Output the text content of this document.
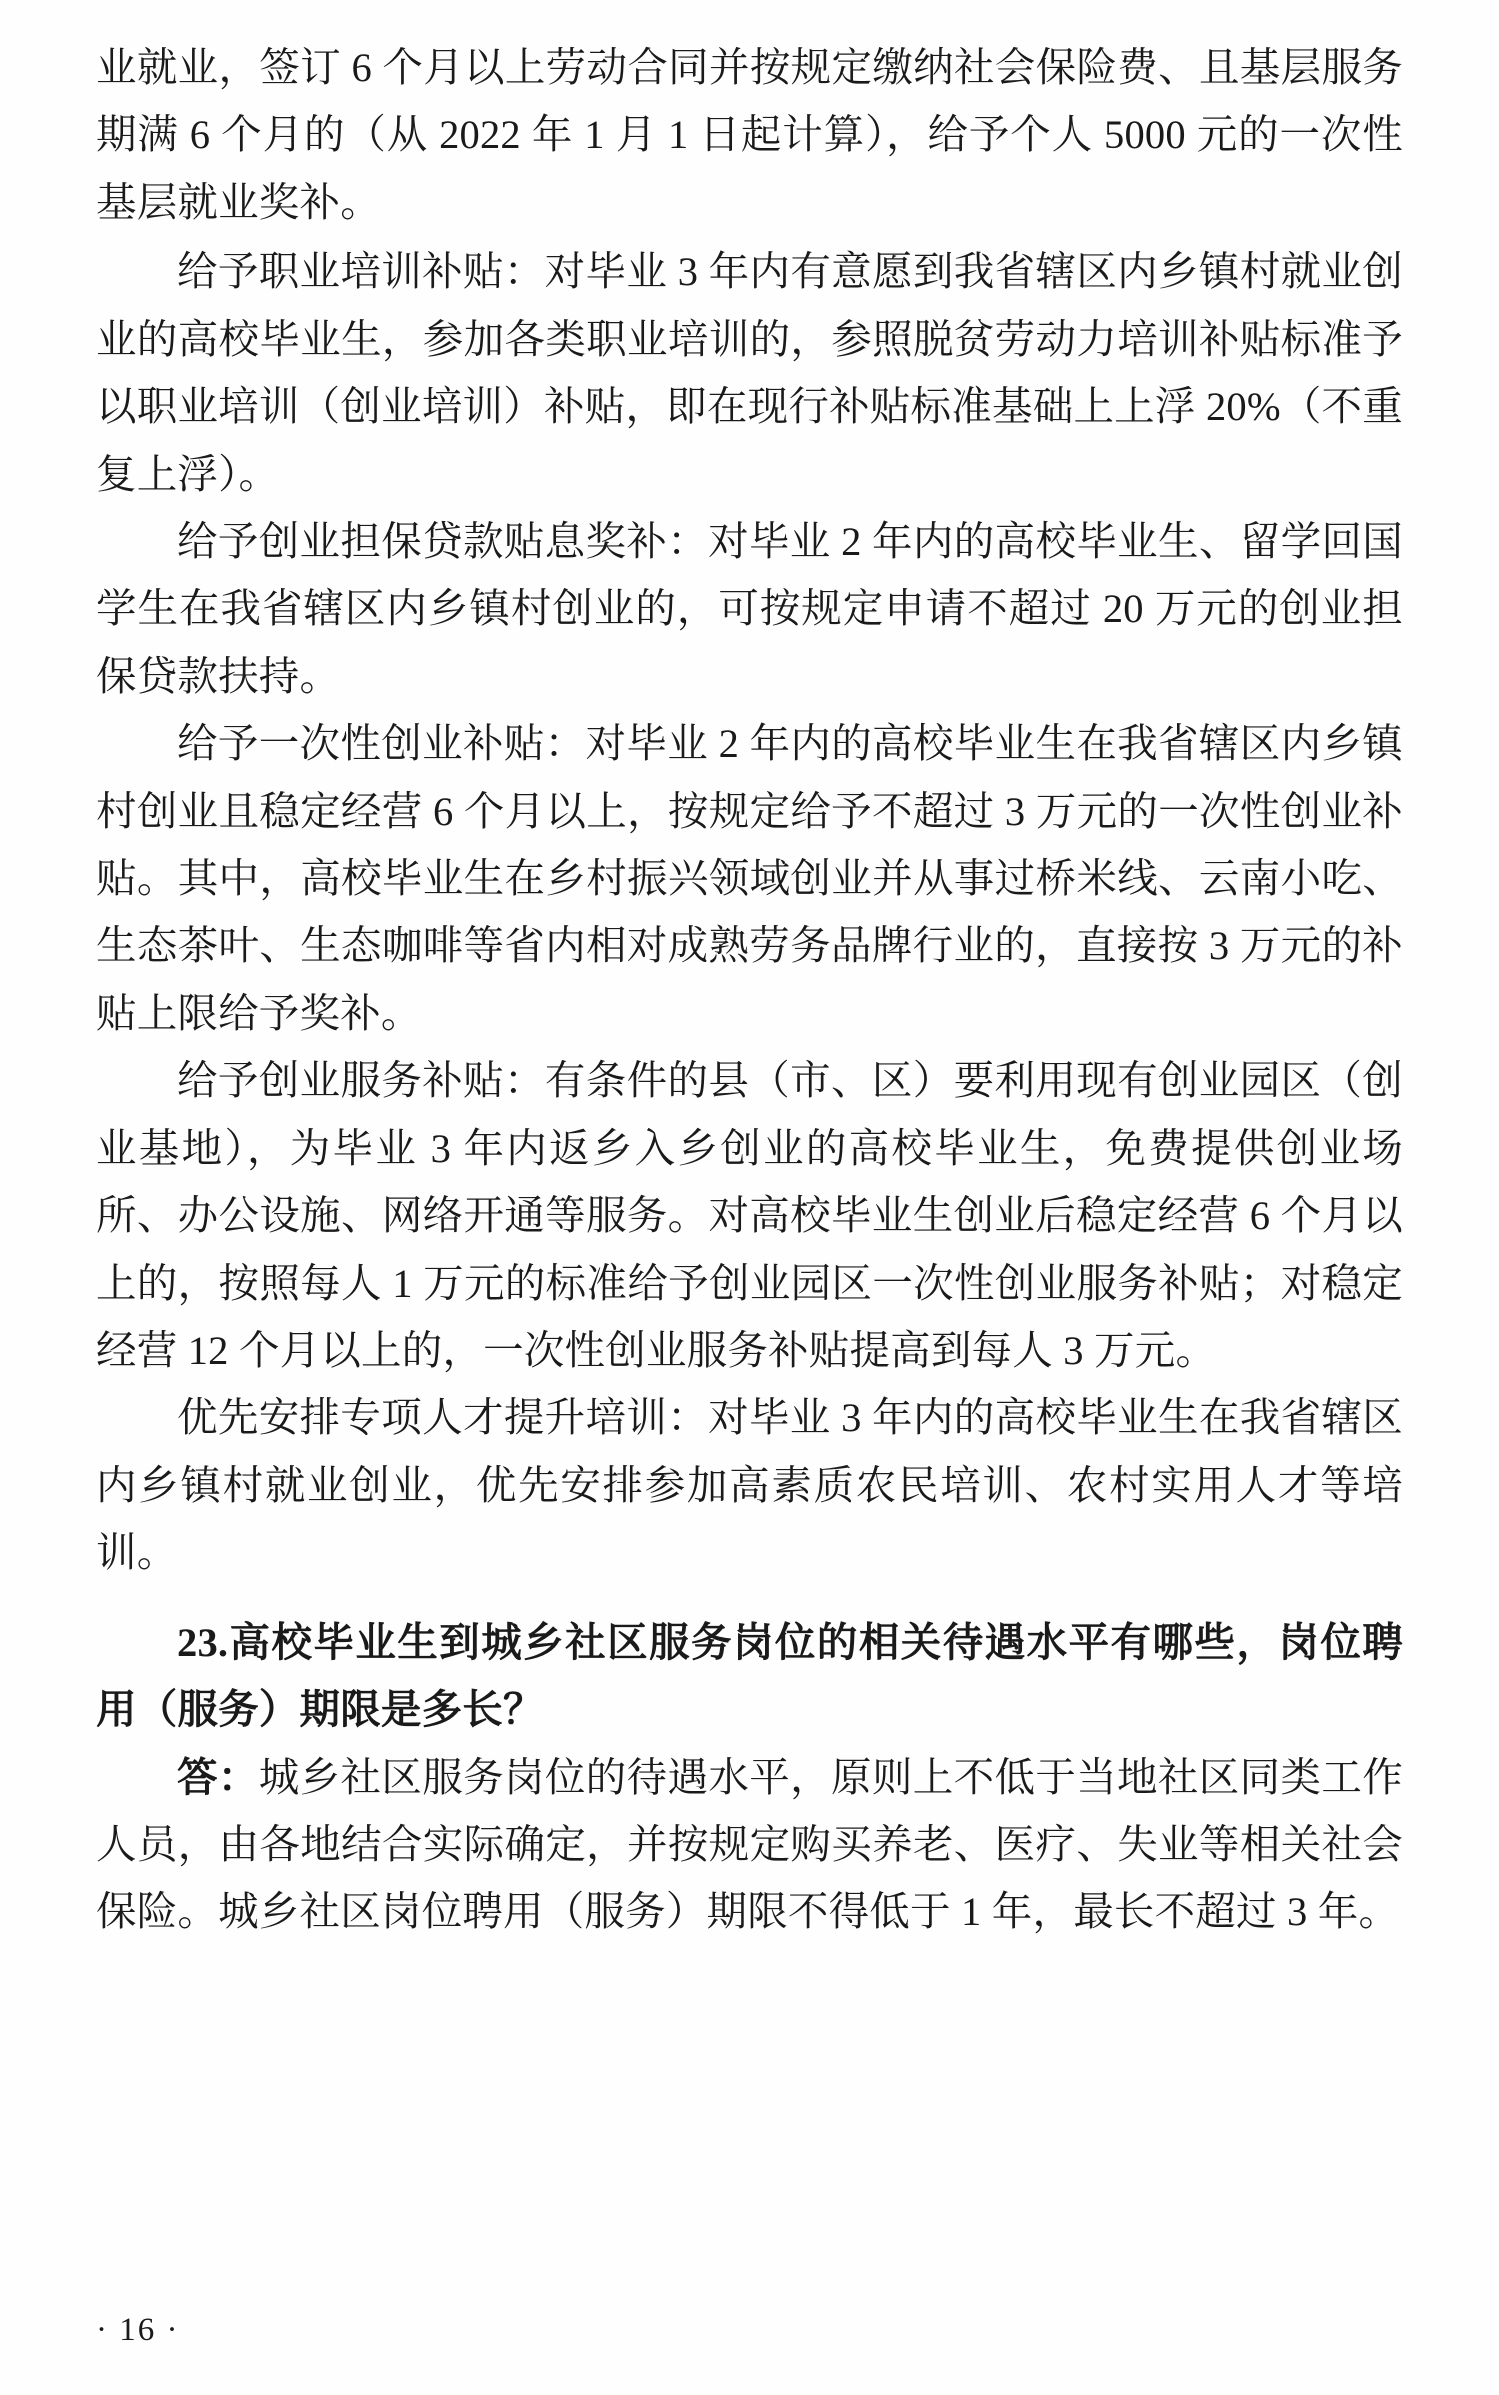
业就业，签订 6 个月以上劳动合同并按规定缴纳社会保险费、且基层服务期满 6 个月的（从 2022 年 1 月 1 日起计算），给予个人 5000 元的一次性基层就业奖补。

给予职业培训补贴：对毕业 3 年内有意愿到我省辖区内乡镇村就业创业的高校毕业生，参加各类职业培训的，参照脱贫劳动力培训补贴标准予以职业培训（创业培训）补贴，即在现行补贴标准基础上上浮 20%（不重复上浮）。

给予创业担保贷款贴息奖补：对毕业 2 年内的高校毕业生、留学回国学生在我省辖区内乡镇村创业的，可按规定申请不超过 20 万元的创业担保贷款扶持。

给予一次性创业补贴：对毕业 2 年内的高校毕业生在我省辖区内乡镇村创业且稳定经营 6 个月以上，按规定给予不超过 3 万元的一次性创业补贴。其中，高校毕业生在乡村振兴领域创业并从事过桥米线、云南小吃、生态茶叶、生态咖啡等省内相对成熟劳务品牌行业的，直接按 3 万元的补贴上限给予奖补。

给予创业服务补贴：有条件的县（市、区）要利用现有创业园区（创业基地），为毕业 3 年内返乡入乡创业的高校毕业生，免费提供创业场所、办公设施、网络开通等服务。对高校毕业生创业后稳定经营 6 个月以上的，按照每人 1 万元的标准给予创业园区一次性创业服务补贴；对稳定经营 12 个月以上的，一次性创业服务补贴提高到每人 3 万元。

优先安排专项人才提升培训：对毕业 3 年内的高校毕业生在我省辖区内乡镇村就业创业，优先安排参加高素质农民培训、农村实用人才等培训。

23.高校毕业生到城乡社区服务岗位的相关待遇水平有哪些，岗位聘用（服务）期限是多长？

答：城乡社区服务岗位的待遇水平，原则上不低于当地社区同类工作人员，由各地结合实际确定，并按规定购买养老、医疗、失业等相关社会保险。城乡社区岗位聘用（服务）期限不得低于 1 年，最长不超过 3 年。

· 16 ·
